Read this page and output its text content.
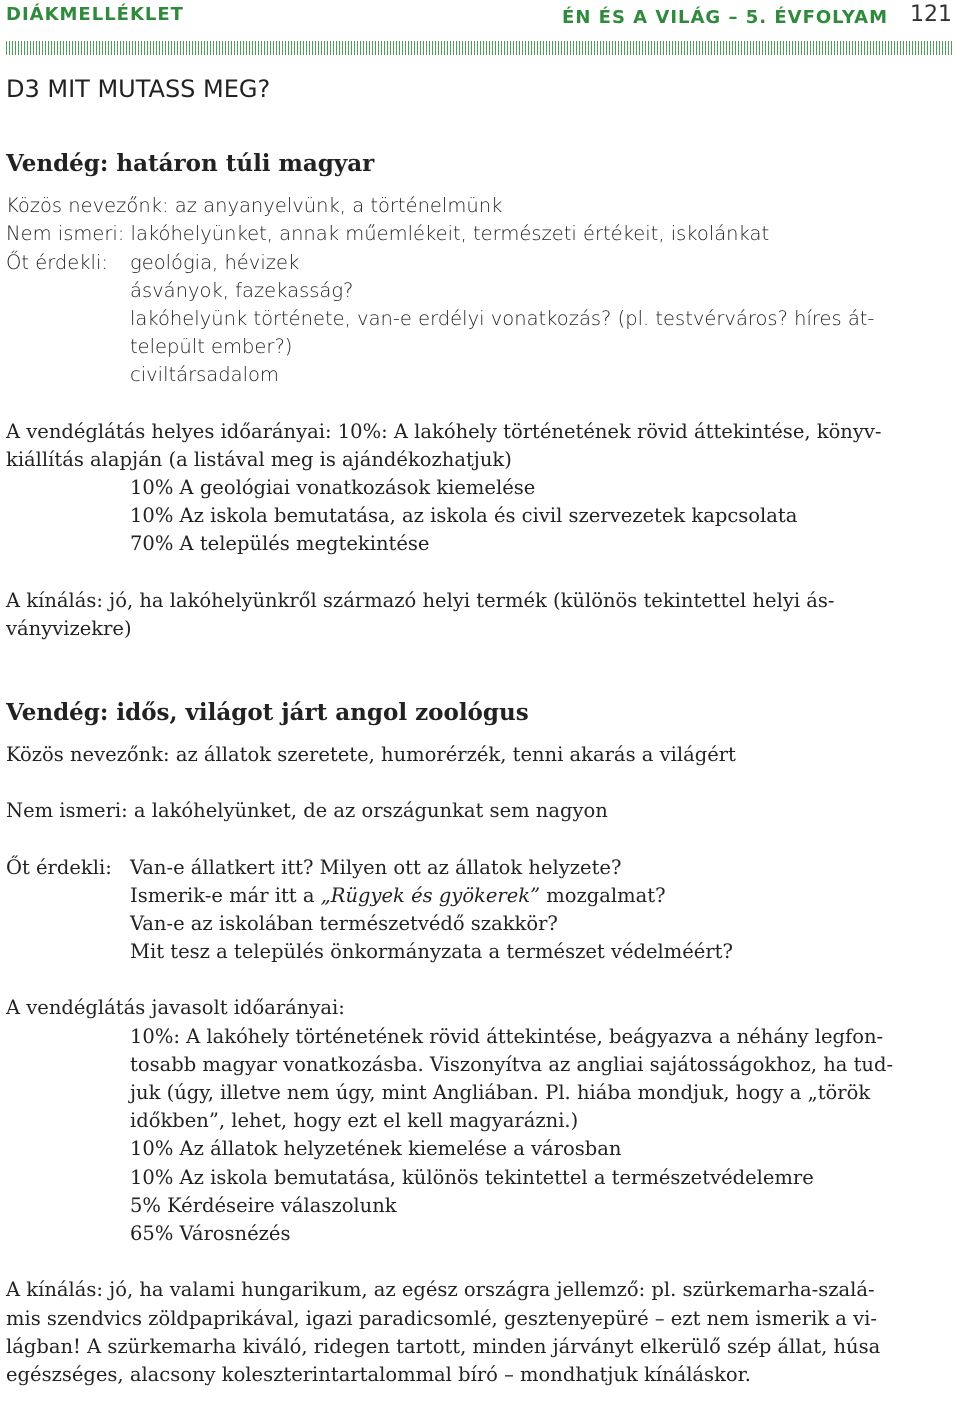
DIÁKMELLÉKLET	ÉN ÉS A VILÁG – 5. ÉVFOLYAM 121
D3 MIT MUTASS MEG?

Vendég: határon túli magyar

Közös nevezőnk: az anyanyelvünk, a történelmünk

Nem ismeri: lakóhelyünket, annak műemlékeit, természeti értékeit, iskolánkat

Őt érdekli: geológia, hévizek

ásványok, fazekasság?

lakóhelyünk története, van-e erdélyi vonatkozás? (pl. testvérváros? híres át-

települt ember?)

civiltársadalom

A vendéglátás helyes időarányai: 10%: A lakóhely történetének rövid áttekintése, könyv-

kiállítás alapján (a listával meg is ajándékozhatjuk)

10% A geológiai vonatkozások kiemelése

10% Az iskola bemutatása, az iskola és civil szervezetek kapcsolata

70% A település megtekintése

A kínálás: jó, ha lakóhelyünkről származó helyi termék (különös tekintettel helyi ás-

ványvizekre)

Vendég: idős, világot járt angol zoológus

Közös nevezőnk: az állatok szeretete, humorérzék, tenni akarás a világért

Nem ismeri: a lakóhelyünket, de az országunkat sem nagyon

Őt érdekli: Van-e állatkert itt? Milyen ott az állatok helyzete?

Ismerik-e már itt a „Rügyek és gyökerek” mozgalmat?

Van-e az iskolában természetvédő szakkör?

Mit tesz a település önkormányzata a természet védelméért?

A vendéglátás javasolt időarányai:

10%: A lakóhely történetének rövid áttekintése, beágyazva a néhány legfon-

tosabb magyar vonatkozásba. Viszonyítva az angliai sajátosságokhoz, ha tud-

juk (úgy, illetve nem úgy, mint Angliában. Pl. hiába mondjuk, hogy a „török

időkben”, lehet, hogy ezt el kell magyarázni.)

10% Az állatok helyzetének kiemelése a városban

10% Az iskola bemutatása, különös tekintettel a természetvédelemre

5% Kérdéseire válaszolunk

65% Városnézés

A kínálás: jó, ha valami hungarikum, az egész országra jellemző: pl. szürkemarha-szalá-

mis szendvics zöldpaprikával, igazi paradicsomlé, gesztenyepüré – ezt nem ismerik a vi-

lágban! A szürkemarha kiváló, ridegen tartott, minden járványt elkerülő szép állat, húsa

egészséges, alacsony koleszterintartalommal bíró – mondhatjuk kínáláskor.
